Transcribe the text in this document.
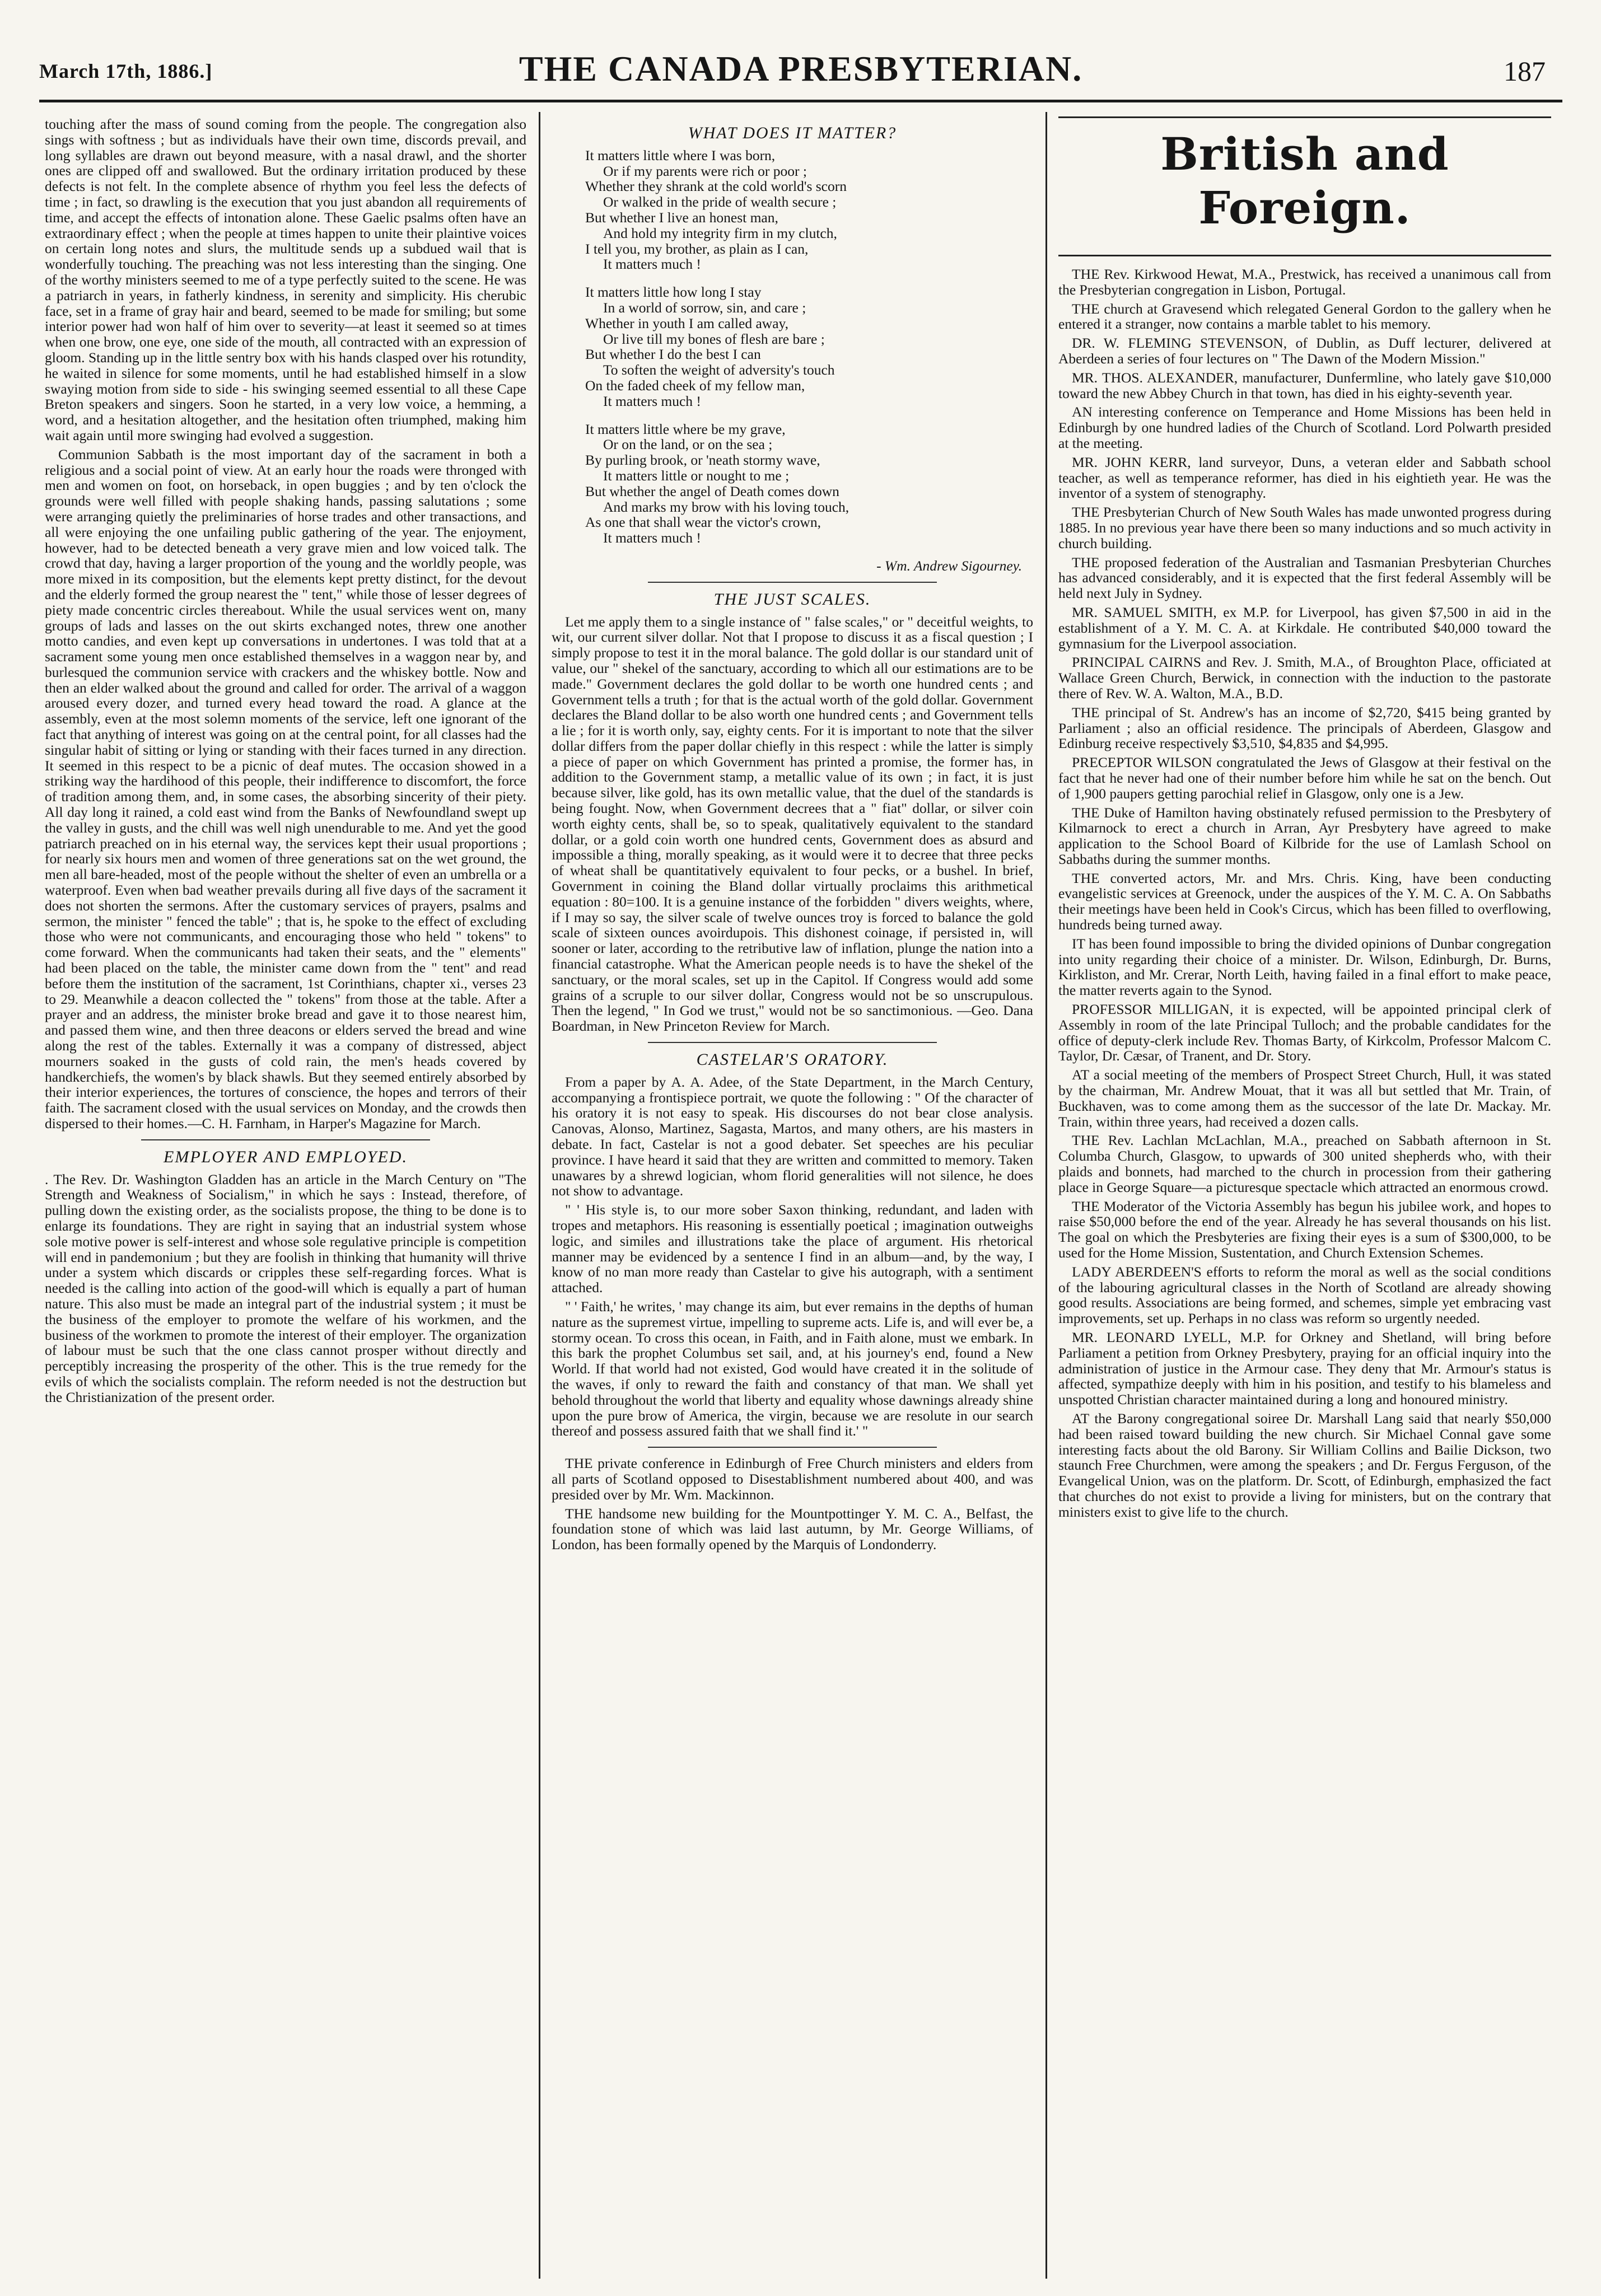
March 17th, 1886.]	THE CANADA PRESBYTERIAN.	187

touching after the mass of sound coming from the people. The congregation also sings with softness ; but as individuals have their own time, discords prevail, and long syllables are drawn out beyond measure, with a nasal drawl, and the shorter ones are clipped off and swallowed. But the ordinary irritation produced by these defects is not felt. In the complete absence of rhythm you feel less the defects of time ; in fact, so drawling is the execution that you just abandon all requirements of time, and accept the effects of intonation alone. These Gaelic psalms often have an extraordinary effect ; when the people at times happen to unite their plaintive voices on certain long notes and slurs, the multitude sends up a subdued wail that is wonderfully touching. The preaching was not less interesting than the singing. One of the worthy ministers seemed to me of a type perfectly suited to the scene. He was a patriarch in years, in fatherly kindness, in serenity and simplicity. His cherubic face, set in a frame of gray hair and beard, seemed to be made for smiling; but some interior power had won half of him over to severity—at least it seemed so at times when one brow, one eye, one side of the mouth, all contracted with an expression of gloom. Standing up in the little sentry box with his hands clasped over his rotundity, he waited in silence for some moments, until he had established himself in a slow swaying motion from side to side - his swinging seemed essential to all these Cape Breton speakers and singers. Soon he started, in a very low voice, a hemming, a word, and a hesitation altogether, and the hesitation often triumphed, making him wait again until more swinging had evolved a suggestion.

Communion Sabbath is the most important day of the sacrament in both a religious and a social point of view. At an early hour the roads were thronged with men and women on foot, on horseback, in open buggies ; and by ten o'clock the grounds were well filled with people shaking hands, passing salutations ; some were arranging quietly the preliminaries of horse trades and other transactions, and all were enjoying the one unfailing public gathering of the year. The enjoyment, however, had to be detected beneath a very grave mien and low voiced talk. The crowd that day, having a larger proportion of the young and the worldly people, was more mixed in its composition, but the elements kept pretty distinct, for the devout and the elderly formed the group nearest the " tent," while those of lesser degrees of piety made concentric circles thereabout. While the usual services went on, many groups of lads and lasses on the out skirts exchanged notes, threw one another motto candies, and even kept up conversations in undertones. I was told that at a sacrament some young men once established themselves in a waggon near by, and burlesqued the communion service with crackers and the whiskey bottle. Now and then an elder walked about the ground and called for order. The arrival of a waggon aroused every dozer, and turned every head toward the road. A glance at the assembly, even at the most solemn moments of the service, left one ignorant of the fact that anything of interest was going on at the central point, for all classes had the singular habit of sitting or lying or standing with their faces turned in any direction. It seemed in this respect to be a picnic of deaf mutes. The occasion showed in a striking way the hardihood of this people, their indifference to discomfort, the force of tradition among them, and, in some cases, the absorbing sincerity of their piety. All day long it rained, a cold east wind from the Banks of Newfoundland swept up the valley in gusts, and the chill was well nigh unendurable to me. And yet the good patriarch preached on in his eternal way, the services kept their usual proportions ; for nearly six hours men and women of three generations sat on the wet ground, the men all bare-headed, most of the people without the shelter of even an umbrella or a waterproof. Even when bad weather prevails during all five days of the sacrament it does not shorten the sermons. After the customary services of prayers, psalms and sermon, the minister " fenced the table" ; that is, he spoke to the effect of excluding those who were not communicants, and encouraging those who held " tokens" to come forward. When the communicants had taken their seats, and the " elements" had been placed on the table, the minister came down from the " tent" and read before them the institution of the sacrament, 1st Corinthians, chapter xi., verses 23 to 29. Meanwhile a deacon collected the " tokens" from those at the table. After a prayer and an address, the minister broke bread and gave it to those nearest him, and passed them wine, and then three deacons or elders served the bread and wine along the rest of the tables. Externally it was a company of distressed, abject mourners soaked in the gusts of cold rain, the men's heads covered by handkerchiefs, the women's by black shawls. But they seemed entirely absorbed by their interior experiences, the tortures of conscience, the hopes and terrors of their faith. The sacrament closed with the usual services on Monday, and the crowds then dispersed to their homes.—C. H. Farnham, in Harper's Magazine for March.

EMPLOYER AND EMPLOYED.

. The Rev. Dr. Washington Gladden has an article in the March Century on "The Strength and Weakness of Socialism," in which he says : Instead, therefore, of pulling down the existing order, as the socialists propose, the thing to be done is to enlarge its foundations. They are right in saying that an industrial system whose sole motive power is self-interest and whose sole regulative principle is competition will end in pandemonium ; but they are foolish in thinking that humanity will thrive under a system which discards or cripples these self-regarding forces. What is needed is the calling into action of the good-will which is equally a part of human nature. This also must be made an integral part of the industrial system ; it must be the business of the employer to promote the welfare of his workmen, and the business of the workmen to promote the interest of their employer. The organization of labour must be such that the one class cannot prosper without directly and perceptibly increasing the prosperity of the other. This is the true remedy for the evils of which the socialists complain. The reform needed is not the destruction but the Christianization of the present order.

WHAT DOES IT MATTER?
It matters little where I was born,
Or if my parents were rich or poor ;
Whether they shrank at the cold world's scorn
Or walked in the pride of wealth secure ;
But whether I live an honest man,
And hold my integrity firm in my clutch,
I tell you, my brother, as plain as I can,
It matters much !
It matters little how long I stay
In a world of sorrow, sin, and care ;
Whether in youth I am called away,
Or live till my bones of flesh are bare ;
But whether I do the best I can
To soften the weight of adversity's touch
On the faded cheek of my fellow man,
It matters much !
It matters little where be my grave,
Or on the land, or on the sea ;
By purling brook, or 'neath stormy wave,
It matters little or nought to me ;
But whether the angel of Death comes down
And marks my brow with his loving touch,
As one that shall wear the victor's crown,
It matters much !
- Wm. Andrew Sigourney.
THE JUST SCALES.

Let me apply them to a single instance of " false scales," or " deceitful weights, to wit, our current silver dollar. Not that I propose to discuss it as a fiscal question ; I simply propose to test it in the moral balance. The gold dollar is our standard unit of value, our " shekel of the sanctuary, according to which all our estimations are to be made." Government declares the gold dollar to be worth one hundred cents ; and Government tells a truth ; for that is the actual worth of the gold dollar. Government declares the Bland dollar to be also worth one hundred cents ; and Government tells a lie ; for it is worth only, say, eighty cents. For it is important to note that the silver dollar differs from the paper dollar chiefly in this respect : while the latter is simply a piece of paper on which Government has printed a promise, the former has, in addition to the Government stamp, a metallic value of its own ; in fact, it is just because silver, like gold, has its own metallic value, that the duel of the standards is being fought. Now, when Government decrees that a " fiat" dollar, or silver coin worth eighty cents, shall be, so to speak, qualitatively equivalent to the standard dollar, or a gold coin worth one hundred cents, Government does as absurd and impossible a thing, morally speaking, as it would were it to decree that three pecks of wheat shall be quantitatively equivalent to four pecks, or a bushel. In brief, Government in coining the Bland dollar virtually proclaims this arithmetical equation : 80=100. It is a genuine instance of the forbidden " divers weights, where, if I may so say, the silver scale of twelve ounces troy is forced to balance the gold scale of sixteen ounces avoirdupois. This dishonest coinage, if persisted in, will sooner or later, according to the retributive law of inflation, plunge the nation into a financial catastrophe. What the American people needs is to have the shekel of the sanctuary, or the moral scales, set up in the Capitol. If Congress would add some grains of a scruple to our silver dollar, Congress would not be so unscrupulous. Then the legend, " In God we trust," would not be so sanctimonious. —Geo. Dana Boardman, in New Princeton Review for March.

CASTELAR'S ORATORY.

From a paper by A. A. Adee, of the State Department, in the March Century, accompanying a frontispiece portrait, we quote the following : " Of the character of his oratory it is not easy to speak. His discourses do not bear close analysis. Canovas, Alonso, Martinez, Sagasta, Martos, and many others, are his masters in debate. In fact, Castelar is not a good debater. Set speeches are his peculiar province. I have heard it said that they are written and committed to memory. Taken unawares by a shrewd logician, whom florid generalities will not silence, he does not show to advantage.

" ' His style is, to our more sober Saxon thinking, redundant, and laden with tropes and metaphors. His reasoning is essentially poetical ; imagination outweighs logic, and similes and illustrations take the place of argument. His rhetorical manner may be evidenced by a sentence I find in an album—and, by the way, I know of no man more ready than Castelar to give his autograph, with a sentiment attached.

" ' Faith,' he writes, ' may change its aim, but ever remains in the depths of human nature as the supremest virtue, impelling to supreme acts. Life is, and will ever be, a stormy ocean. To cross this ocean, in Faith, and in Faith alone, must we embark. In this bark the prophet Columbus set sail, and, at his journey's end, found a New World. If that world had not existed, God would have created it in the solitude of the waves, if only to reward the faith and constancy of that man. We shall yet behold throughout the world that liberty and equality whose dawnings already shine upon the pure brow of America, the virgin, because we are resolute in our search thereof and possess assured faith that we shall find it.' "

THE private conference in Edinburgh of Free Church ministers and elders from all parts of Scotland opposed to Disestablishment numbered about 400, and was presided over by Mr. Wm. Mackinnon.

THE handsome new building for the Mountpottinger Y. M. C. A., Belfast, the foundation stone of which was laid last autumn, by Mr. George Williams, of London, has been formally opened by the Marquis of Londonderry.

British and Foreign.

THE Rev. Kirkwood Hewat, M.A., Prestwick, has received a unanimous call from the Presbyterian congregation in Lisbon, Portugal.

THE church at Gravesend which relegated General Gordon to the gallery when he entered it a stranger, now contains a marble tablet to his memory.

DR. W. FLEMING STEVENSON, of Dublin, as Duff lecturer, delivered at Aberdeen a series of four lectures on " The Dawn of the Modern Mission."

MR. THOS. ALEXANDER, manufacturer, Dunfermline, who lately gave $10,000 toward the new Abbey Church in that town, has died in his eighty-seventh year.

AN interesting conference on Temperance and Home Missions has been held in Edinburgh by one hundred ladies of the Church of Scotland. Lord Polwarth presided at the meeting.

MR. JOHN KERR, land surveyor, Duns, a veteran elder and Sabbath school teacher, as well as temperance reformer, has died in his eightieth year. He was the inventor of a system of stenography.

THE Presbyterian Church of New South Wales has made unwonted progress during 1885. In no previous year have there been so many inductions and so much activity in church building.

THE proposed federation of the Australian and Tasmanian Presbyterian Churches has advanced considerably, and it is expected that the first federal Assembly will be held next July in Sydney.

MR. SAMUEL SMITH, ex M.P. for Liverpool, has given $7,500 in aid in the establishment of a Y. M. C. A. at Kirkdale. He contributed $40,000 toward the gymnasium for the Liverpool association.

PRINCIPAL CAIRNS and Rev. J. Smith, M.A., of Broughton Place, officiated at Wallace Green Church, Berwick, in connection with the induction to the pastorate there of Rev. W. A. Walton, M.A., B.D.

THE principal of St. Andrew's has an income of $2,720, $415 being granted by Parliament ; also an official residence. The principals of Aberdeen, Glasgow and Edinburg receive respectively $3,510, $4,835 and $4,995.

PRECEPTOR WILSON congratulated the Jews of Glasgow at their festival on the fact that he never had one of their number before him while he sat on the bench. Out of 1,900 paupers getting parochial relief in Glasgow, only one is a Jew.

THE Duke of Hamilton having obstinately refused permission to the Presbytery of Kilmarnock to erect a church in Arran, Ayr Presbytery have agreed to make application to the School Board of Kilbride for the use of Lamlash School on Sabbaths during the summer months.

THE converted actors, Mr. and Mrs. Chris. King, have been conducting evangelistic services at Greenock, under the auspices of the Y. M. C. A. On Sabbaths their meetings have been held in Cook's Circus, which has been filled to overflowing, hundreds being turned away.

IT has been found impossible to bring the divided opinions of Dunbar congregation into unity regarding their choice of a minister. Dr. Wilson, Edinburgh, Dr. Burns, Kirkliston, and Mr. Crerar, North Leith, having failed in a final effort to make peace, the matter reverts again to the Synod.

PROFESSOR MILLIGAN, it is expected, will be appointed principal clerk of Assembly in room of the late Principal Tulloch; and the probable candidates for the office of deputy-clerk include Rev. Thomas Barty, of Kirkcolm, Professor Malcom C. Taylor, Dr. Cæsar, of Tranent, and Dr. Story.

AT a social meeting of the members of Prospect Street Church, Hull, it was stated by the chairman, Mr. Andrew Mouat, that it was all but settled that Mr. Train, of Buckhaven, was to come among them as the successor of the late Dr. Mackay. Mr. Train, within three years, had received a dozen calls.

THE Rev. Lachlan McLachlan, M.A., preached on Sabbath afternoon in St. Columba Church, Glasgow, to upwards of 300 united shepherds who, with their plaids and bonnets, had marched to the church in procession from their gathering place in George Square—a picturesque spectacle which attracted an enormous crowd.

THE Moderator of the Victoria Assembly has begun his jubilee work, and hopes to raise $50,000 before the end of the year. Already he has several thousands on his list. The goal on which the Presbyteries are fixing their eyes is a sum of $300,000, to be used for the Home Mission, Sustentation, and Church Extension Schemes.

LADY ABERDEEN'S efforts to reform the moral as well as the social conditions of the labouring agricultural classes in the North of Scotland are already showing good results. Associations are being formed, and schemes, simple yet embracing vast improvements, set up. Perhaps in no class was reform so urgently needed.

MR. LEONARD LYELL, M.P. for Orkney and Shetland, will bring before Parliament a petition from Orkney Presbytery, praying for an official inquiry into the administration of justice in the Armour case. They deny that Mr. Armour's status is affected, sympathize deeply with him in his position, and testify to his blameless and unspotted Christian character maintained during a long and honoured ministry.

AT the Barony congregational soiree Dr. Marshall Lang said that nearly $50,000 had been raised toward building the new church. Sir Michael Connal gave some interesting facts about the old Barony. Sir William Collins and Bailie Dickson, two staunch Free Churchmen, were among the speakers ; and Dr. Fergus Ferguson, of the Evangelical Union, was on the platform. Dr. Scott, of Edinburgh, emphasized the fact that churches do not exist to provide a living for ministers, but on the contrary that ministers exist to give life to the church.
